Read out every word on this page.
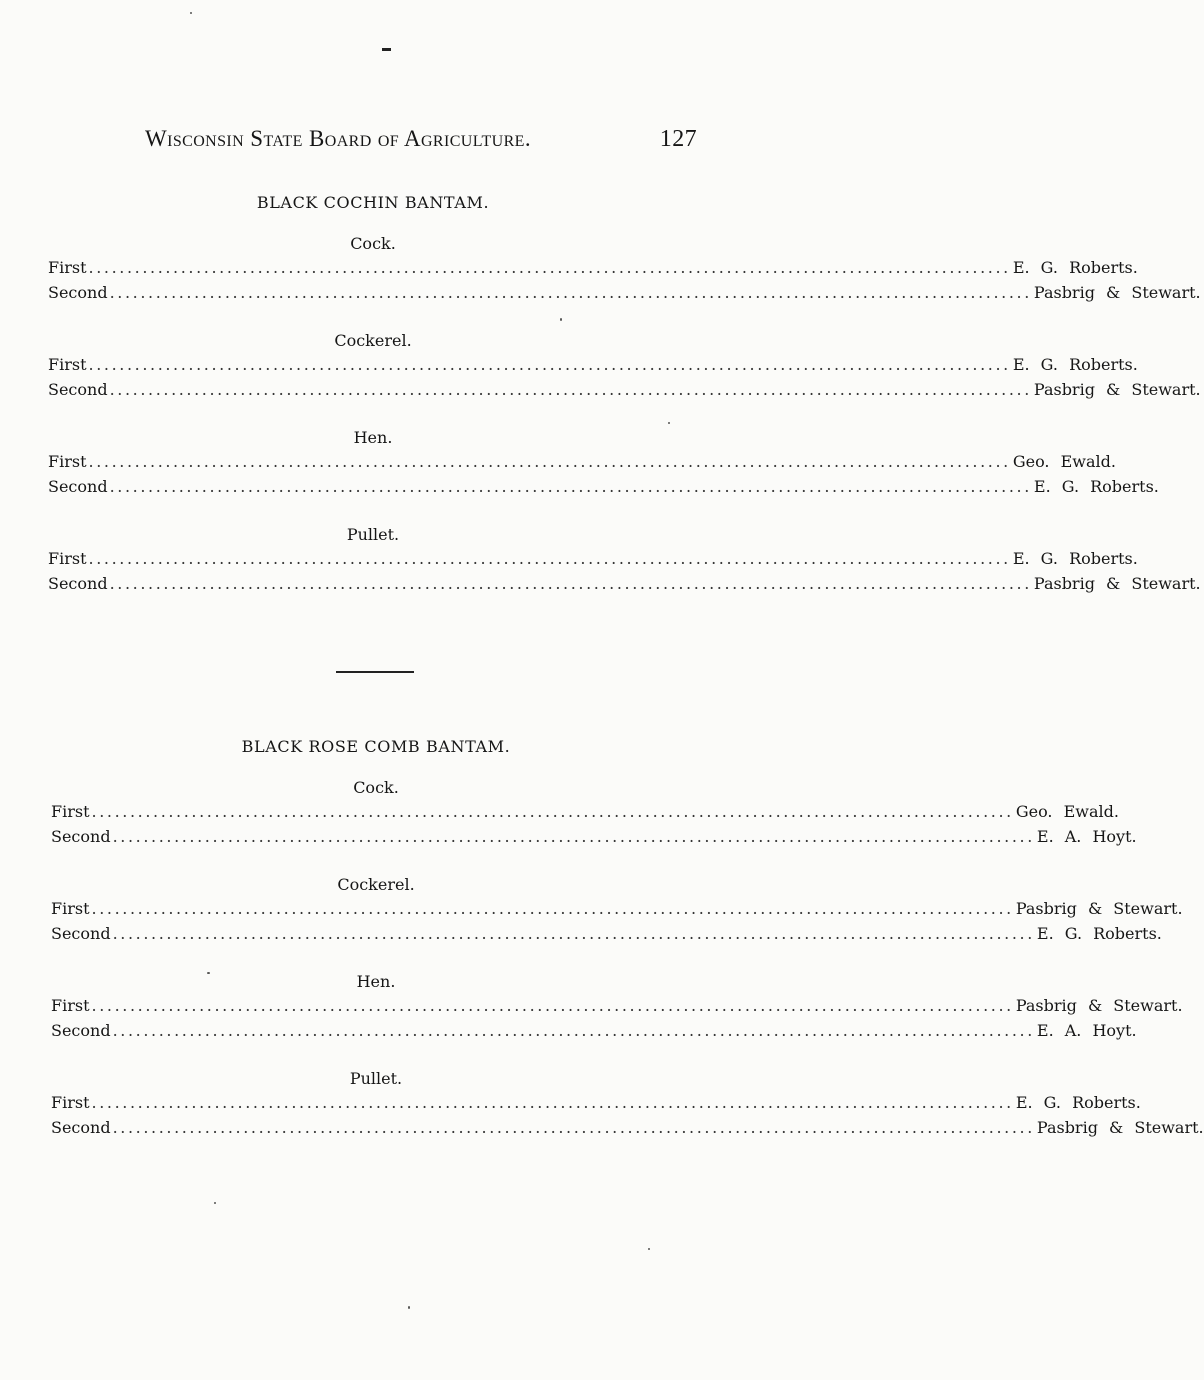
Wisconsin State Board of Agriculture.	127
BLACK COCHIN BANTAM.
Cock.
First ........................................................................................................................ E. G. Roberts.
Second ........................................................................................................................ Pasbrig & Stewart.
Cockerel.
First ........................................................................................................................ E. G. Roberts.
Second ........................................................................................................................ Pasbrig & Stewart.
Hen.
First ........................................................................................................................ Geo. Ewald.
Second ........................................................................................................................ E. G. Roberts.
Pullet.
First ........................................................................................................................ E. G. Roberts.
Second ........................................................................................................................ Pasbrig & Stewart.
BLACK ROSE COMB BANTAM.
Cock.
First ........................................................................................................................ Geo. Ewald.
Second ........................................................................................................................ E. A. Hoyt.
Cockerel.
First ........................................................................................................................ Pasbrig & Stewart.
Second ........................................................................................................................ E. G. Roberts.
Hen.
First ........................................................................................................................ Pasbrig & Stewart.
Second ........................................................................................................................ E. A. Hoyt.
Pullet.
First ........................................................................................................................ E. G. Roberts.
Second ........................................................................................................................ Pasbrig & Stewart.
